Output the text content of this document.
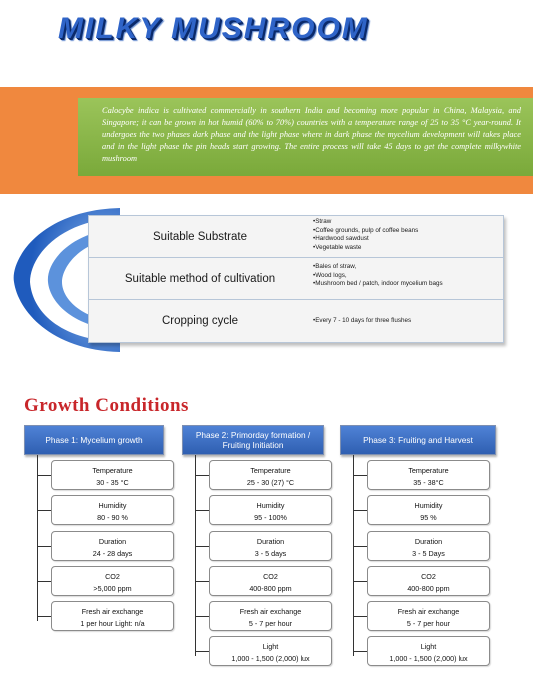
MILKY MUSHROOM
Calocybe indica is cultivated commercially in southern India and becoming more popular in China, Malaysia, and Singapore; it can be grown in hot humid (60% to 70%) countries with a temperature range of 25 to 35 °C year-round. It undergoes the two phases dark phase and the light phase where in dark phase the mycelium development will takes place and in the light phase the pin heads start growing. The entire process will take 45 days to get the complete milkywhite mushroom
Suitable Substrate
• Straw
• Coffee grounds, pulp of coffee beans
• Hardwood sawdust
• Vegetable waste
Suitable method of cultivation
• Bales of straw,
• Wood logs,
• Mushroom bed / patch, indoor mycelium bags
Cropping cycle
•	Every 7 - 10 days for three flushes
Growth Conditions
Phase 1: Mycelium growth
Temperature
30 - 35 °C
Humidity
80 - 90 %
Duration
24 - 28 days
CO2
>5,000 ppm
Fresh air exchange
1 per hour Light: n/a
Phase 2: Primorday formation / Fruiting Initiation
Temperature
25 - 30 (27) °C
Humidity
95 - 100%
Duration
3 - 5 days
CO2
400-800 ppm
Fresh air exchange
5 - 7 per hour
Light
1,000 - 1,500 (2,000) lux
Phase 3: Fruiting and Harvest
Temperature
35 - 38°C
Humidity
95 %
Duration
3 - 5 Days
CO2
400-800 ppm
Fresh air exchange
5 - 7 per hour
Light
1,000 - 1,500 (2,000) lux
